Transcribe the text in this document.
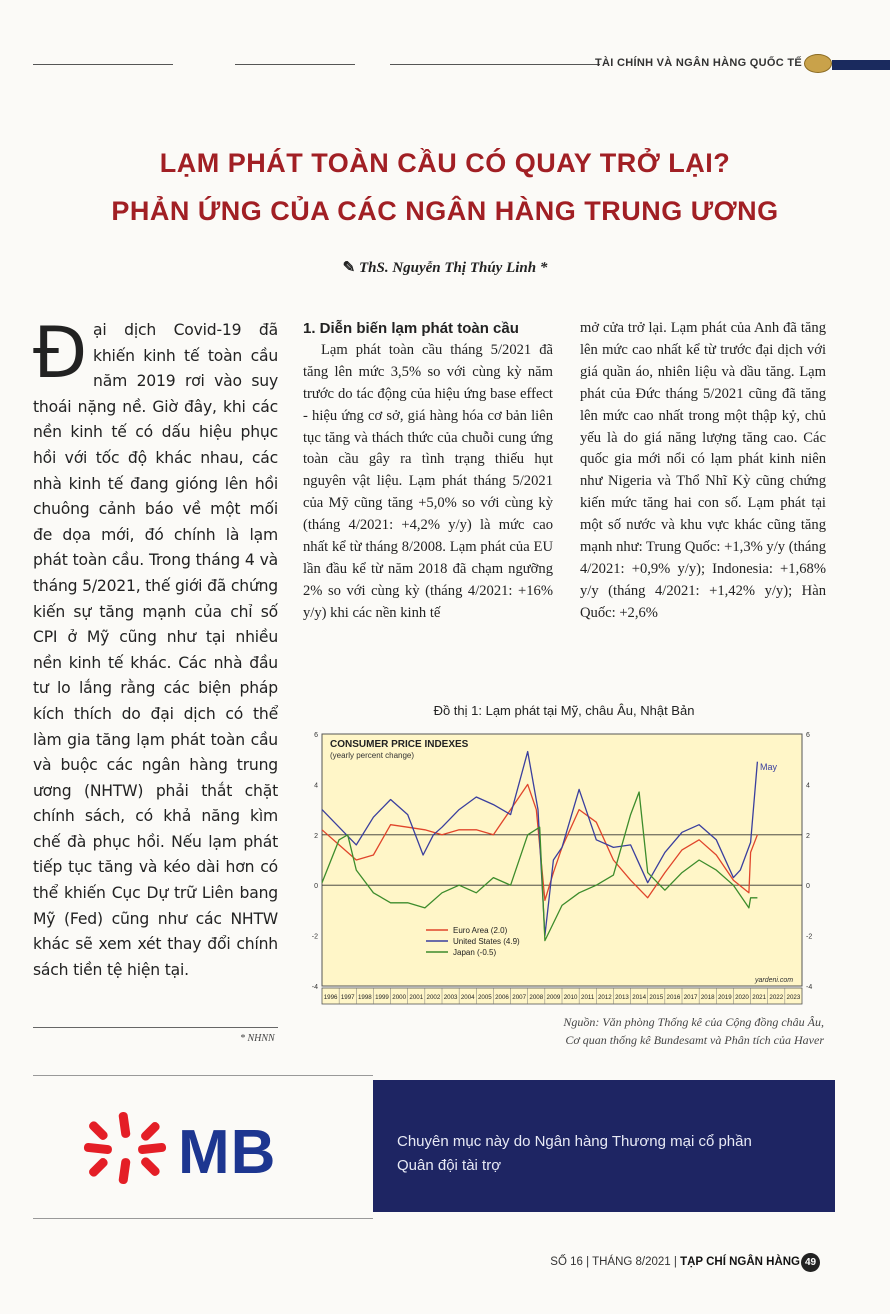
TÀI CHÍNH VÀ NGÂN HÀNG QUỐC TẾ
LẠM PHÁT TOÀN CẦU CÓ QUAY TRỞ LẠI?
PHẢN ỨNG CỦA CÁC NGÂN HÀNG TRUNG ƯƠNG
✎ ThS. Nguyễn Thị Thúy Linh *
Đại dịch Covid-19 đã khiến kinh tế toàn cầu năm 2019 rơi vào suy thoái nặng nề. Giờ đây, khi các nền kinh tế có dấu hiệu phục hồi với tốc độ khác nhau, các nhà kinh tế đang gióng lên hồi chuông cảnh báo về một mối đe dọa mới, đó chính là lạm phát toàn cầu. Trong tháng 4 và tháng 5/2021, thế giới đã chứng kiến sự tăng mạnh của chỉ số CPI ở Mỹ cũng như tại nhiều nền kinh tế khác. Các nhà đầu tư lo lắng rằng các biện pháp kích thích do đại dịch có thể làm gia tăng lạm phát toàn cầu và buộc các ngân hàng trung ương (NHTW) phải thắt chặt chính sách, có khả năng kìm chế đà phục hồi. Nếu lạm phát tiếp tục tăng và kéo dài hơn có thể khiến Cục Dự trữ Liên bang Mỹ (Fed) cũng như các NHTW khác sẽ xem xét thay đổi chính sách tiền tệ hiện tại.
1. Diễn biến lạm phát toàn cầu
Lạm phát toàn cầu tháng 5/2021 đã tăng lên mức 3,5% so với cùng kỳ năm trước do tác động của hiệu ứng base effect - hiệu ứng cơ sở, giá hàng hóa cơ bản liên tục tăng và thách thức của chuỗi cung ứng toàn cầu gây ra tình trạng thiếu hụt nguyên vật liệu. Lạm phát tháng 5/2021 của Mỹ cũng tăng +5,0% so với cùng kỳ (tháng 4/2021: +4,2% y/y) là mức cao nhất kể từ tháng 8/2008. Lạm phát của EU lần đầu kể từ năm 2018 đã chạm ngưỡng 2% so với cùng kỳ (tháng 4/2021: +16% y/y) khi các nền kinh tế
mở cửa trở lại. Lạm phát của Anh đã tăng lên mức cao nhất kể từ trước đại dịch với giá quần áo, nhiên liệu và dầu tăng. Lạm phát của Đức tháng 5/2021 cũng đã tăng lên mức cao nhất trong một thập kỷ, chủ yếu là do giá năng lượng tăng cao. Các quốc gia mới nổi có lạm phát kinh niên như Nigeria và Thổ Nhĩ Kỳ cũng chứng kiến mức tăng hai con số. Lạm phát tại một số nước và khu vực khác cũng tăng mạnh như: Trung Quốc: +1,3% y/y (tháng 4/2021: +0,9% y/y); Indonesia: +1,68% y/y (tháng 4/2021: +1,42% y/y); Hàn Quốc: +2,6%
* NHNN
Đồ thị 1: Lạm phát tại Mỹ, châu Âu, Nhật Bản
-4
-2
0
2
4
6
-4
-2
0
2
4
6
CONSUMER PRICE INDEXES
(yearly percent change)
May
yardeni.com
Euro Area (2.0)
United States (4.9)
Japan (-0.5)
1996 1997 1998 1999 2000 2001 2002 2003 2004 2005 2006 2007 2008 2009 2010 2011 2012 2013 2014 2015 2016 2017 2018 2019 2020 2021 2022 2023
Nguồn: Văn phòng Thống kê của Cộng đồng châu Âu,
Cơ quan thống kê Bundesamt và Phân tích của Haver
MB	Chuyên mục này do Ngân hàng Thương mại cổ phần
Quân đội tài trợ
SỐ 16 | THÁNG 8/2021 | TẠP CHÍ NGÂN HÀNG 49
